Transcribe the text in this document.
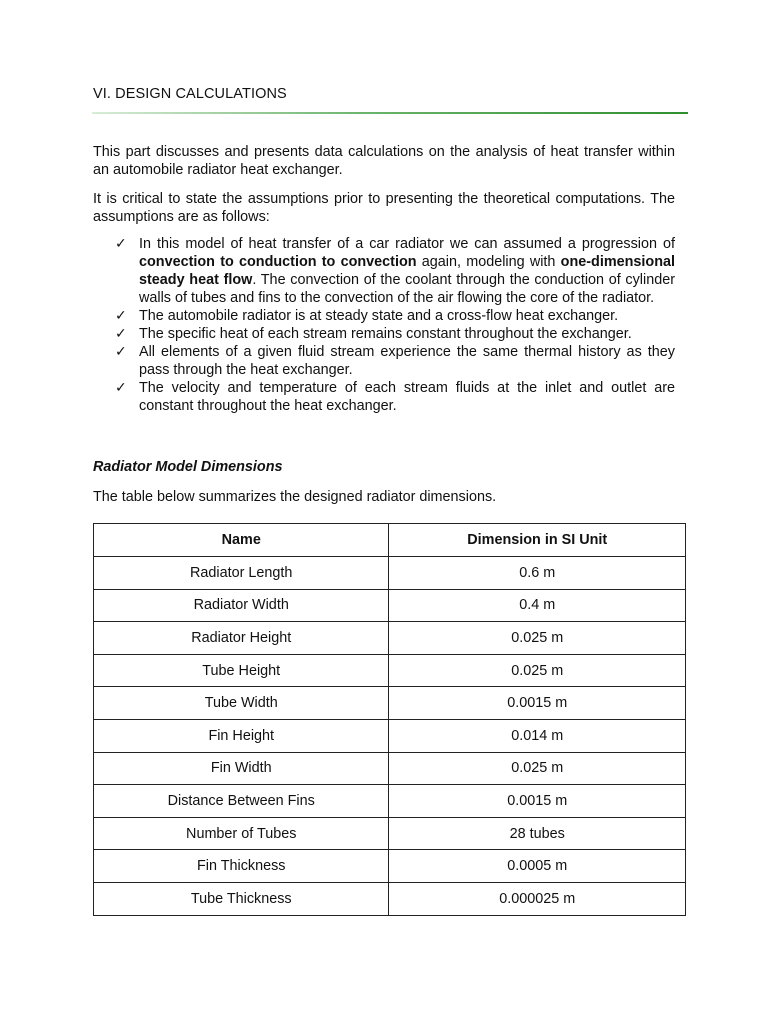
VI. DESIGN CALCULATIONS

This part discusses and presents data calculations on the analysis of heat transfer within an automobile radiator heat exchanger.

It is critical to state the assumptions prior to presenting the theoretical computations. The assumptions are as follows:

✓ In this model of heat transfer of a car radiator we can assumed a progression of convection to conduction to convection again, modeling with one-dimensional steady heat flow. The convection of the coolant through the conduction of cylinder walls of tubes and fins to the convection of the air flowing the core of the radiator.
✓ The automobile radiator is at steady state and a cross-flow heat exchanger.
✓ The specific heat of each stream remains constant throughout the exchanger.
✓ All elements of a given fluid stream experience the same thermal history as they pass through the heat exchanger.
✓ The velocity and temperature of each stream fluids at the inlet and outlet are constant throughout the heat exchanger.
Radiator Model Dimensions

The table below summarizes the designed radiator dimensions.

Name	Dimension in SI Unit
Radiator Length	0.6 m
Radiator Width	0.4 m
Radiator Height	0.025 m
Tube Height	0.025 m
Tube Width	0.0015 m
Fin Height	0.014 m
Fin Width	0.025 m
Distance Between Fins	0.0015 m
Number of Tubes	28 tubes
Fin Thickness	0.0005 m
Tube Thickness	0.000025 m
